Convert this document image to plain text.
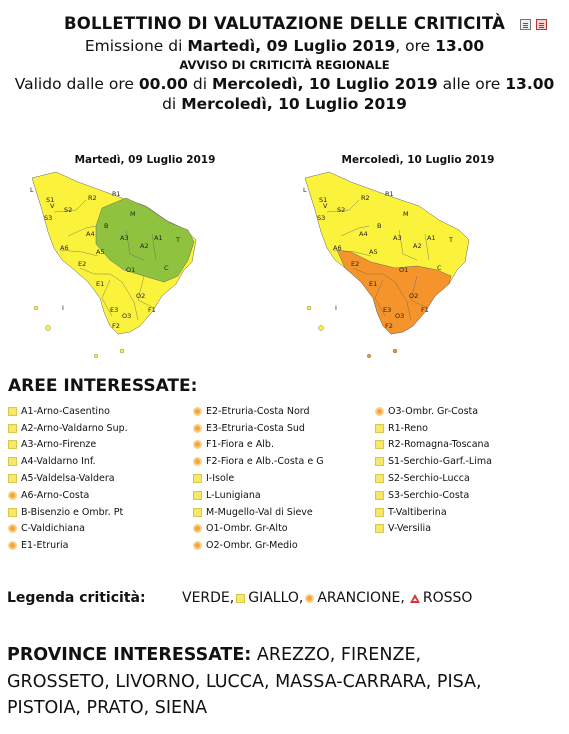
BOLLETTINO DI VALUTAZIONE DELLE CRITICITÀ
Emissione di Martedì, 09 Luglio 2019, ore 13.00
AVVISO DI CRITICITÀ REGIONALE
Valido dalle ore 00.00 di Mercoledì, 10 Luglio 2019 alle ore 13.00
di Mercoledì, 10 Luglio 2019
Martedì, 09 Luglio 2019	Mercoledì, 10 Luglio 2019
S1
S2
S3	M
R1
R2
V
L
A1
A2
A3
A4
A5
A6
B
C
T
O1
O2
O3
E1
E2
E3	F1
F2
I
S1
S2
S3	M
R1
R2
V
L
A1
A2
A3
A4
A5
A6
B
C
T
O1
O2
O3
E1
E2
E3	F1
F2
I
AREE INTERESSATE:
A1-Arno-Casentino
A2-Arno-Valdarno Sup.
A3-Arno-Firenze
A4-Valdarno Inf.
A5-Valdelsa-Valdera
A6-Arno-Costa
B-Bisenzio e Ombr. Pt
C-Valdichiana
E1-Etruria
E2-Etruria-Costa Nord
E3-Etruria-Costa Sud
F1-Fiora e Alb.
F2-Fiora e Alb.-Costa e G
I-Isole
L-Lunigiana
M-Mugello-Val di Sieve
O1-Ombr. Gr-Alto
O2-Ombr. Gr-Medio
O3-Ombr. Gr-Costa
R1-Reno
R2-Romagna-Toscana
S1-Serchio-Garf.-Lima
S2-Serchio-Lucca
S3-Serchio-Costa
T-Valtiberina
V-Versilia
Legenda criticità:	VERDE, GIALLO, ARANCIONE, ROSSO
PROVINCE INTERESSATE: AREZZO, FIRENZE, GROSSETO, LIVORNO, LUCCA, MASSA-CARRARA, PISA, PISTOIA, PRATO, SIENA
